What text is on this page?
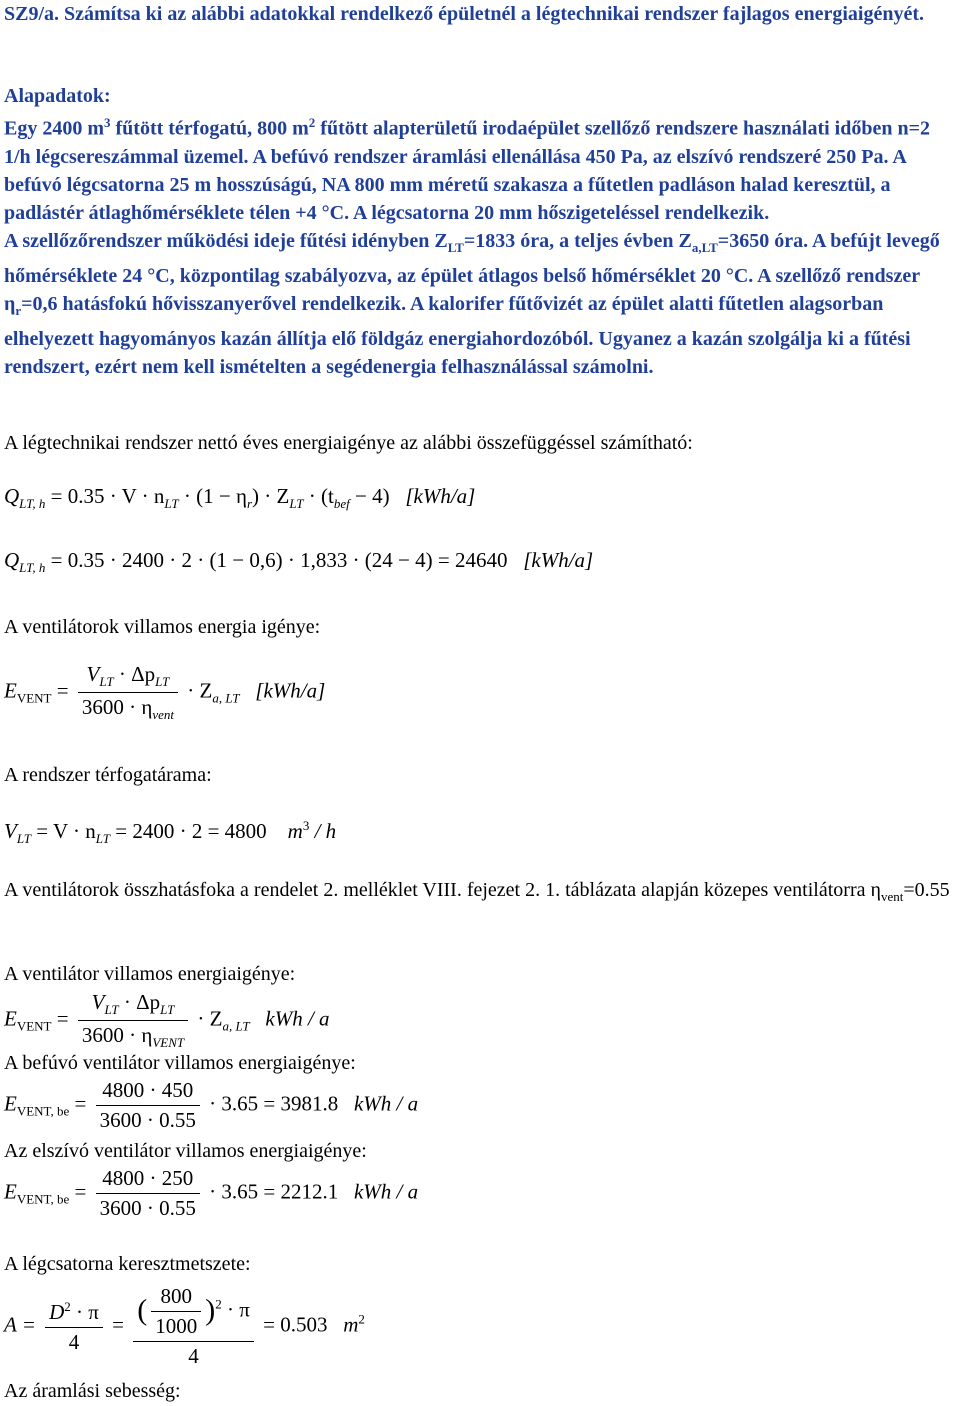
SZ9/a. Számítsa ki az alábbi adatokkal rendelkező épületnél a légtechnikai rendszer fajlagos energiaigényét.

Alapadatok:

Egy 2400 $m^3$ fűtött térfogatú, 800 $m^2$ fűtött alapterületű irodaépület szellőző rendszere használati időben n=2 1/h légcsereszámmal üzemel. A befúvó rendszer áramlási ellenállása 450 Pa, az elszívó rendszeré 250 Pa. A befúvó légcsatorna 25 m hosszúságú, NA 800 mm méretű szakasza a fűtetlen padláson halad keresztül, a padlástér átlaghőmérséklete télen +4 °C. A légcsatorna 20 mm hőszigeteléssel rendelkezik.
A szellőzőrendszer működési ideje fűtési idényben $Z_{LT}=1833$ óra, a teljes évben $Z_{a,LT}=3650$ óra. A befújt levegő hőmérséklete 24 °C, központilag szabályozva, az épület átlagos belső hőmérséklet 20 °C. A szellőző rendszer $\eta_r=0,6$ hatásfokú hővisszanyerővel rendelkezik. A kalorifer fűtővizét az épület alatti fűtetlen alagsorban elhelyezett hagyományos kazán állítja elő földgáz energiahordozóból. Ugyanez a kazán szolgálja ki a fűtési rendszert, ezért nem kell ismételten a segédenergia felhasználással számolni.

A légtechnikai rendszer nettó éves energiaigénye az alábbi összefüggéssel számítható:

$Q_{LT, h} = 0.35 \cdot V \cdot n_{LT} \cdot (1 - \eta_r) \cdot Z_{LT} \cdot (t_{bef} - 4)$ [kWh/a]
$Q_{LT, h} = 0.35 \cdot 2400 \cdot 2 \cdot (1 - 0,6) \cdot 1,833 \cdot (24 - 4) = 24640$ [kWh/a]

A ventilátorok villamos energia igénye:

$E_{VENT} = \frac{V_{LT} \cdot \Delta p_{LT}}{3600 \cdot \eta_{vent}} \cdot Z_{a, LT}$ [kWh/a]

A rendszer térfogatárama:

$V_{LT} = V \cdot n_{LT} = 2400 \cdot 2 = 4800$ $m^3$ / h

A ventilátorok összhatásfoka a rendelet 2. melléklet VIII. fejezet 2. 1. táblázata alapján közepes ventilátorra $\eta_{vent}=0.55$

A ventilátor villamos energiaigénye:

$E_{VENT} = \frac{V_{LT} \cdot \Delta p_{LT}}{3600 \cdot \eta_{VENT}} \cdot Z_{a, LT}$ kWh / a

A befúvó ventilátor villamos energiaigénye:

$E_{VENT, be} = \frac{4800 \cdot 450}{3600 \cdot 0.55} \cdot 3.65 = 3981.8$ kWh / a

Az elszívó ventilátor villamos energiaigénye:

$E_{VENT, be} = \frac{4800 \cdot 250}{3600 \cdot 0.55} \cdot 3.65 = 2212.1$ kWh / a

A légcsatorna keresztmetszete:

$A = \frac{D^2 \cdot \pi}{4} = \frac{( \frac{800}{1000} )^2 \cdot \pi}{4} = 0.503$ $m^2$

Az áramlási sebesség:
